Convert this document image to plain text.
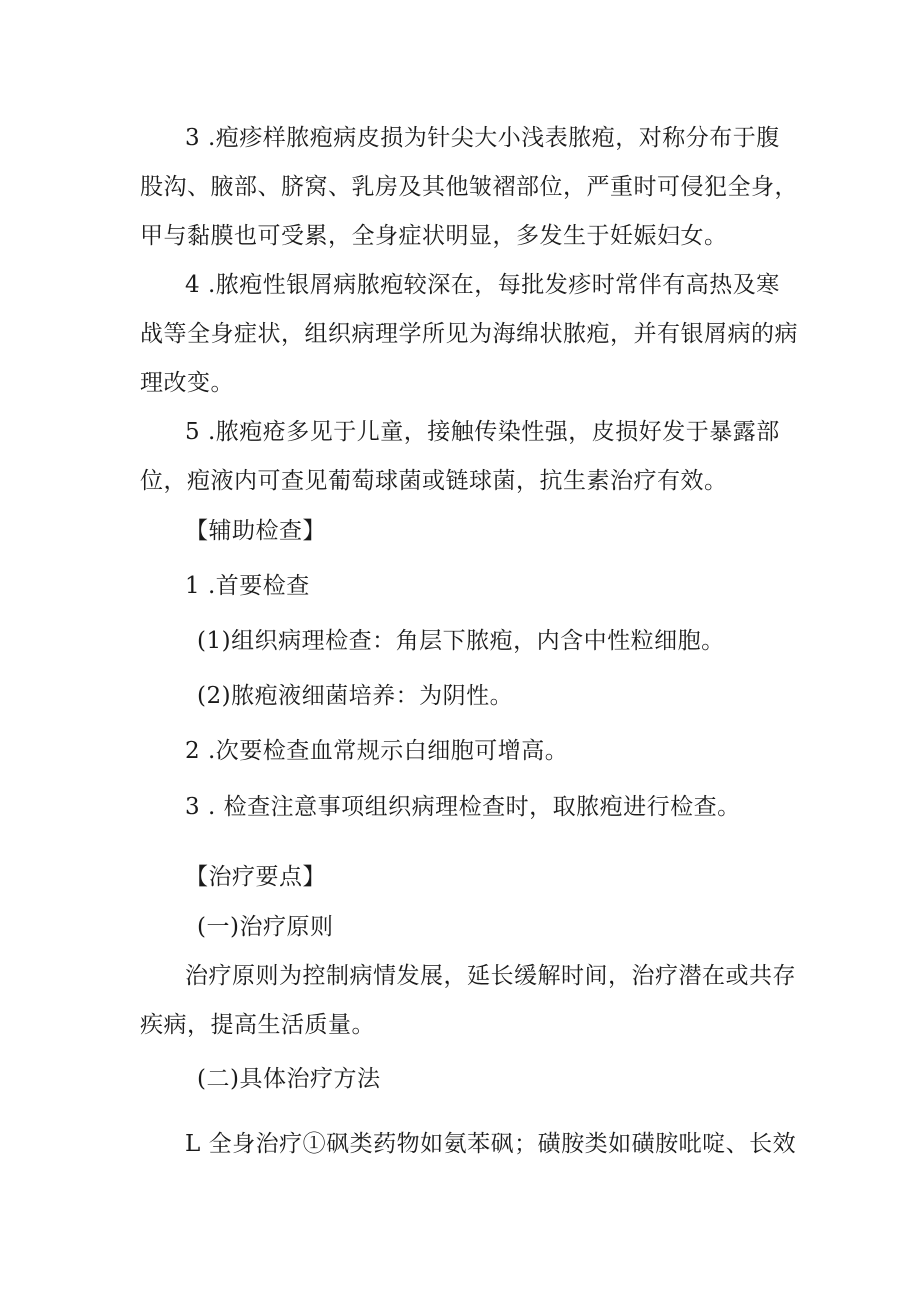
3 .疱疹样脓疱病皮损为针尖大小浅表脓疱，对称分布于腹
股沟、腋部、脐窝、乳房及其他皱褶部位，严重时可侵犯全身，
甲与黏膜也可受累，全身症状明显，多发生于妊娠妇女。
4 .脓疱性银屑病脓疱较深在，每批发疹时常伴有高热及寒
战等全身症状，组织病理学所见为海绵状脓疱，并有银屑病的病
理改变。
5 .脓疱疮多见于儿童，接触传染性强，皮损好发于暴露部
位，疱液内可查见葡萄球菌或链球菌，抗生素治疗有效。
【辅助检查】
1 .首要检查
(1)组织病理检查：角层下脓疱，内含中性粒细胞。
(2)脓疱液细菌培养：为阴性。
2 .次要检查血常规示白细胞可增高。
3 . 检查注意事项组织病理检查时，取脓疱进行检查。
【治疗要点】
(一)治疗原则
治疗原则为控制病情发展，延长缓解时间，治疗潜在或共存
疾病，提高生活质量。
(二)具体治疗方法
L 全身治疗①砜类药物如氨苯砜；磺胺类如磺胺吡啶、长效
